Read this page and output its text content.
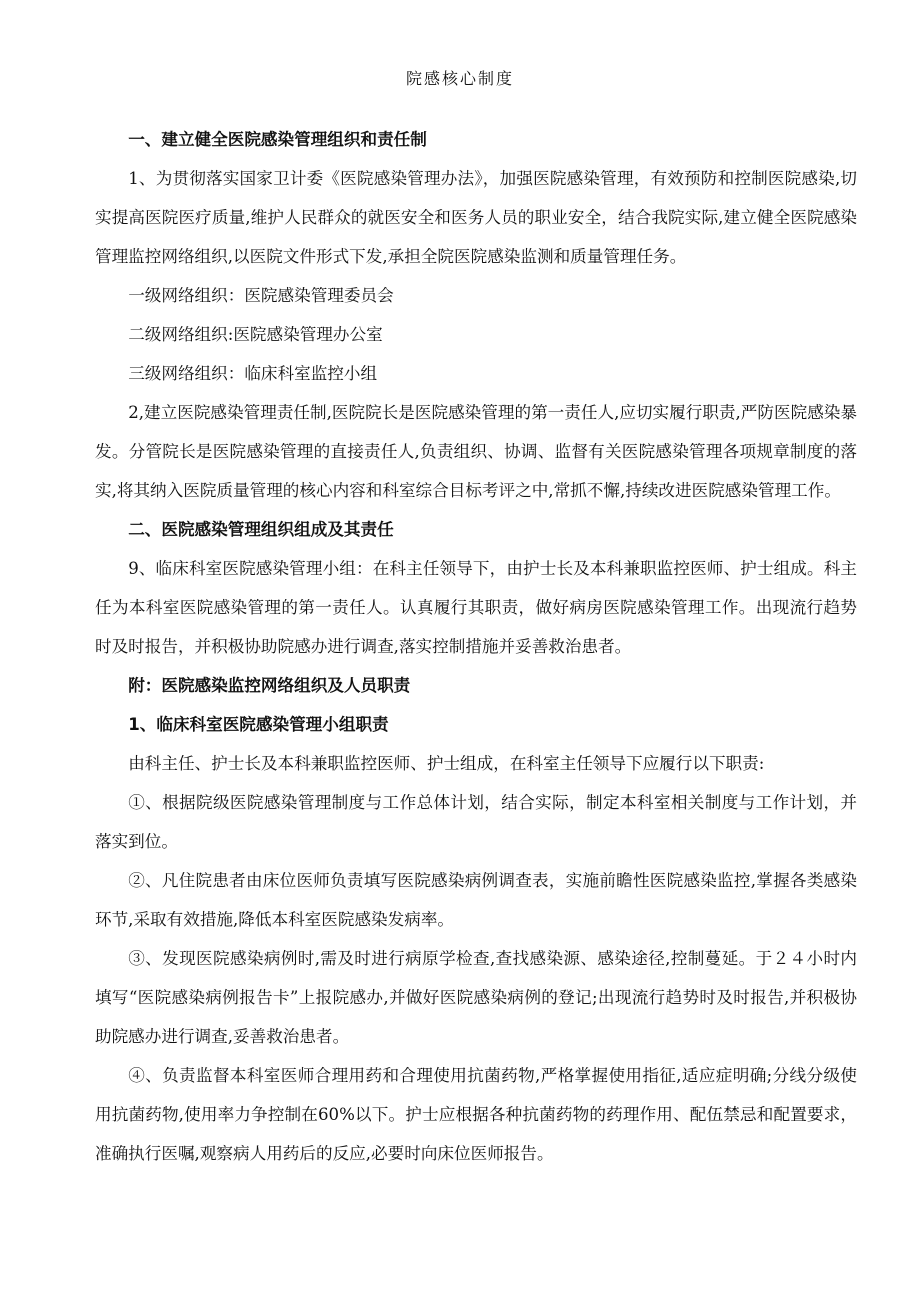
院感核心制度

一、建立健全医院感染管理组织和责任制

1、为贯彻落实国家卫计委《医院感染管理办法》，加强医院感染管理，有效预防和控制医院感染,切实提高医院医疗质量,维护人民群众的就医安全和医务人员的职业安全，结合我院实际,建立健全医院感染管理监控网络组织,以医院文件形式下发,承担全院医院感染监测和质量管理任务。

一级网络组织：医院感染管理委员会

二级网络组织:医院感染管理办公室

三级网络组织：临床科室监控小组

2,建立医院感染管理责任制,医院院长是医院感染管理的第一责任人,应切实履行职责,严防医院感染暴发。分管院长是医院感染管理的直接责任人,负责组织、协调、监督有关医院感染管理各项规章制度的落实,将其纳入医院质量管理的核心内容和科室综合目标考评之中,常抓不懈,持续改进医院感染管理工作。

二、医院感染管理组织组成及其责任

9、临床科室医院感染管理小组：在科主任领导下，由护士长及本科兼职监控医师、护士组成。科主任为本科室医院感染管理的第一责任人。认真履行其职责，做好病房医院感染管理工作。出现流行趋势时及时报告，并积极协助院感办进行调查,落实控制措施并妥善救治患者。

附：医院感染监控网络组织及人员职责

1、临床科室医院感染管理小组职责

由科主任、护士长及本科兼职监控医师、护士组成，在科室主任领导下应履行以下职责:

①、根据院级医院感染管理制度与工作总体计划，结合实际，制定本科室相关制度与工作计划，并落实到位。

②、凡住院患者由床位医师负责填写医院感染病例调查表，实施前瞻性医院感染监控,掌握各类感染环节,采取有效措施,降低本科室医院感染发病率。

③、发现医院感染病例时,需及时进行病原学检查,查找感染源、感染途径,控制蔓延。于２４小时内填写“医院感染病例报告卡”上报院感办,并做好医院感染病例的登记;出现流行趋势时及时报告,并积极协助院感办进行调查,妥善救治患者。

④、负责监督本科室医师合理用药和合理使用抗菌药物,严格掌握使用指征,适应症明确;分线分级使用抗菌药物,使用率力争控制在60%以下。护士应根据各种抗菌药物的药理作用、配伍禁忌和配置要求，准确执行医嘱,观察病人用药后的反应,必要时向床位医师报告。
